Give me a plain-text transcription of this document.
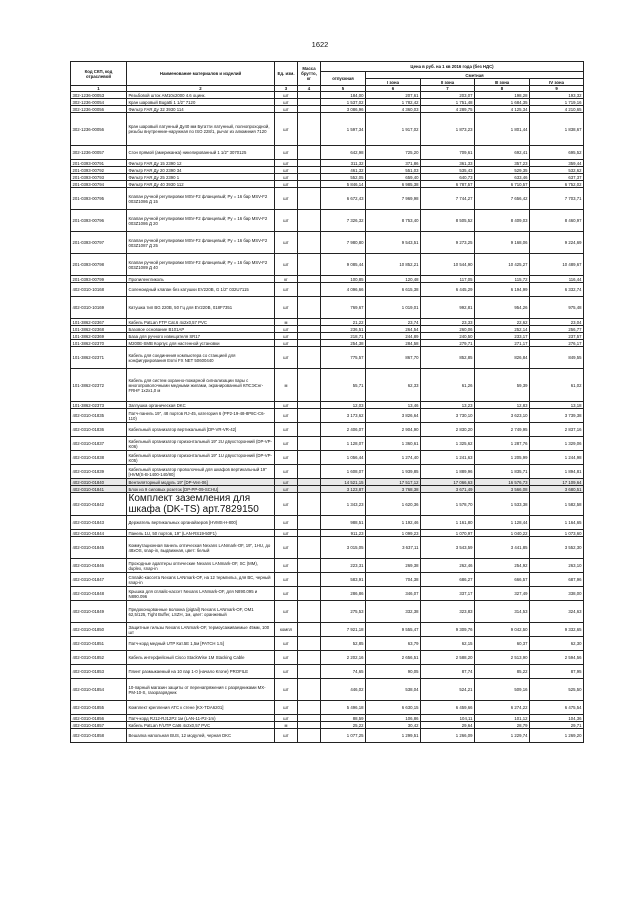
1622
Код СКП, код отраслевой	Наименование материалов и изделий	Ед. изм.	Масса брутто, кг	Цена в руб. на 1 кв 2016 года (без НДС)				
				отпускная	Сметная			
					I зона	II зона	III зона	IV зона
1	2	3	4	5	6	7	8	9
302-1236-0005З	Резьбовой шток AM10x2000 4.6 оцинк.	шт		184,00	207,61	203,07	198,28	193,32
302-1236-00054	Кран шаровый Bugatti 1 1/2" 7120	шт		1 537,02	1 782,42	1 751,48	1 684,35	1 719,16
302-1236-00056	Фильтр FAR Ду 32 3930 114	шт		3 086,96	4 360,03	4 289,75	4 125,34	4 210,65
302-1236-00056	Кран шаровый латунный Ду40 мм Бугатти латунный, полнопроходной, резьбы внутренние-наружная по ISO 228/1, рычаг из алюминия 7120	шт		1 597,34	1 917,02	1 873,23	1 801,44	1 838,67
302-1236-00057	Сгон прямой (американка) никелированный 1 1/2" 3070125	шт		642,98	725,20	709,61	692,41	695,52
201-0393-00791	Фильтр FAR Ду 15 2390 12	шт		311,32	371,86	361,33	357,23	359,44
201-0393-00792	Фильтр FAR Ду 20 2390 34	шт		461,32	551,03	535,43	529,35	532,62
201-0393-00793	Фильтр FAR Ду 25 2390 1	шт		552,05	659,40	640,73	633,46	637,37
201-0393-00794	Фильтр FAR Ду 40 3930 112	шт		5 846,14	6 985,38	6 787,57	6 710,57	6 752,02
201-0393-00795	Клапан ручной регулировки MSV-F2 фланцевый; Ру = 16 бар MSV-F2 003Z1086 Д 15	шт		6 672,43	7 969,98	7 744,27	7 656,42	7 703,71
201-0393-00796	Клапан ручной регулировки MSV-F2 фланцевый; Ру = 16 бар MSV-F2 003Z1086 Д 20	шт		7 326,32	8 753,40	8 505,52	8 409,03	8 460,97
201-0393-00797	Клапан ручной регулировки MSV-F2 фланцевый; Ру = 16 бар MSV-F2 003Z1087 Д 25	шт		7 980,80	9 543,51	9 273,25	9 168,06	9 224,69
201-0393-00798	Клапан ручной регулировки MSV-F2 фланцевый; Ру = 16 бар MSV-F2 003Z1089 Д 40	шт		9 085,44	10 852,21	10 544,90	10 425,27	10 489,67
201-0393-00799	Пропиленгликоль	кг		100,85	120,48	117,05	115,72	116,44
402-0310-10168	Соленоидный клапан без катушки EV220B, G 1/2" 032U7115	шт		4 096,66	6 615,38	6 445,29	6 194,99	6 332,74
402-0310-10169	Катушка тип BG 220В, 50 Гц для EV220B, 018F7351	шт		769,67	1 019,01	992,81	954,26	975,48
101-3862-02367	Кабель PatLan FTP Cat.6 4x2x0,57 PVC	м		21,22	23,74	23,33	22,62	23,04
101-3862-02368	Базовое основание B101AP	шт		236,51	264,54	260,06	252,14	256,77
101-3862-02369	База для ручного извещателя SR17	шт		218,71	244,89	240,50	233,17	237,57
101-3862-02370	M200E-SMB Корпус для настенной установки	шт		254,38	284,58	279,71	271,17	276,17
101-3862-02371	Кабель для соединения компьютера со станцией для конфигурирования Esmi FX NET 50600440	шт		775,57	867,70	852,85	826,84	849,55
101-3862-02372	Кабель для систем охранно-пожарной сигнализации пары с многопроволочными медными жилами, экранированный КПСЭСнг-FRHF 1x2x1,0 м	м		55,71	62,33	61,26	59,39	61,02
101-3862-02373	Заглушка органическая DKC	шт		12,03	13,46	13,23	12,83	13,18
402-0310-01835	Патч-панель 19", 48 портов RJ-45, категория 6 (PP2-19-48-8P8C-C6-110)	шт		3 173,62	3 826,64	3 730,10	3 623,10	3 739,38
402-0310-01836	Кабельный организатор вертикальный [DP-VR-VR-42]	шт		2 406,07	2 904,90	2 830,20	2 749,95	2 837,16
402-0310-01837	Кабельный организатор горизонтальный 19" 2U двухсторонний (DP-VP-K06)	шт		1 128,07	1 360,61	1 325,62	1 287,76	1 329,06
402-0310-01838	Кабельный организатор горизонтальный 19" 1U двухсторонний (DP-VP-K05)	шт		1 056,44	1 274,40	1 241,63	1 205,99	1 244,98
402-0310-01839	Кабельный организатор проволочный для шкафов вертикальный 19" [HVM(S-B-1400-140/80]	шт		1 608,07	1 939,85	1 889,96	1 835,71	1 894,81
402-0310-01840	Вентиляторный модуль 19" [DP-Ven-06]	шт		14 521,15	17 517,12	17 066,63	16 576,73	17 109,64
402-0310-01841	Блок из 9 силовых розеток [DP-PP-09-SCHU]	шт		3 123,87	3 768,38	3 671,49	3 566,08	3 680,51
402-0310-01842	Комплект заземления для шкафа (DK-TS) арт.7829150	шт		1 343,23	1 620,36	1 578,70	1 533,38	1 582,58
402-0310-01843	Держатель вертикальных органайзеров [HVMS-H-800]	шт		988,51	1 192,46	1 161,80	1 128,44	1 164,65
402-0310-01844	Панель 1U, 50 портов, 19" (LAN-RS19-50F1)	шт		911,23	1 099,23	1 070,97	1 040,22	1 073,60
402-0310-01845	Коммутационная панель оптическая Nexans LANmark-OF, 19", 1HU, до 48xOS, snap-in, выдвижная, цвет: белый	шт		3 015,05	3 637,11	3 543,59	3 441,85	3 552,30
402-0310-01846	Проходные адаптеры оптические Nexans LANmark-OF, SC (MM), duplex, snap-in	шт		223,31	269,38	262,46	254,92	263,10
402-0310-01847	Сплайс-кассета Nexans LANmark-OF, на 12 термгильз, для ВС, черный snap-in	шт		583,91	704,38	686,27	666,57	687,96
402-0310-01848	Крышка для сплайс-кассет Nexans LANmark-OF, для N890.095 и N890.096	шт		286,86	346,07	337,17	327,49	338,00
402-0310-01849	Предоконцованные волокна (pigtail) Nexans LANmark-OF, OM1 62,5/125, Tight Buffer, LSZH, 1м, цвет: оранжевый	шт		275,53	332,38	323,83	314,53	324,63
402-0310-01850	Защитные гильзы Nexans LANmark-OF, термоусаживаемые 45мм, 100 шт	компл		7 921,18	9 555,47	9 309,76	9 042,50	9 332,65
402-0310-01851	Патч-корд медный UTP Кат.5Е 1,5м [PATCH 1.5]	шт		52,85	63,79	62,15	60,37	62,30
402-0310-01852	Кабель интерфейсный Cisco StackWise 1M Stacking Cable	шт		2 202,16	2 656,51	2 588,20	2 513,90	2 594,56
402-0310-01853	Плинт размыкаемый на 10 пар 1-0 (начало Krone) PROFILE	шт		74,65	90,05	87,74	85,22	87,95
402-0310-01854	10-парный магазин защиты от перенапряжения с разрядниками МХ-РМ-10-S, газоразрядник	шт		446,02	538,04	524,21	509,16	525,50
402-0310-01855	Комплект крепления АТС к стене [KX-TDA6201]	шт		5 496,18	6 630,15	6 459,66	6 274,22	6 475,54
402-0310-01856	Патч-корд RJ12-RJ12P2 1м (LAN-11-P2-1m)	шт		88,59	106,86	104,11	101,12	104,36
402-0310-01857	Кабель PatLan F/UTP Cat6 4x2x0,57 PVC	м		25,22	30,42	29,64	28,79	29,71
402-0310-01858	Вешалка напольная BUS, 12 модулей, черная DKC	шт		1 077,25	1 299,51	1 266,09	1 229,74	1 269,20
